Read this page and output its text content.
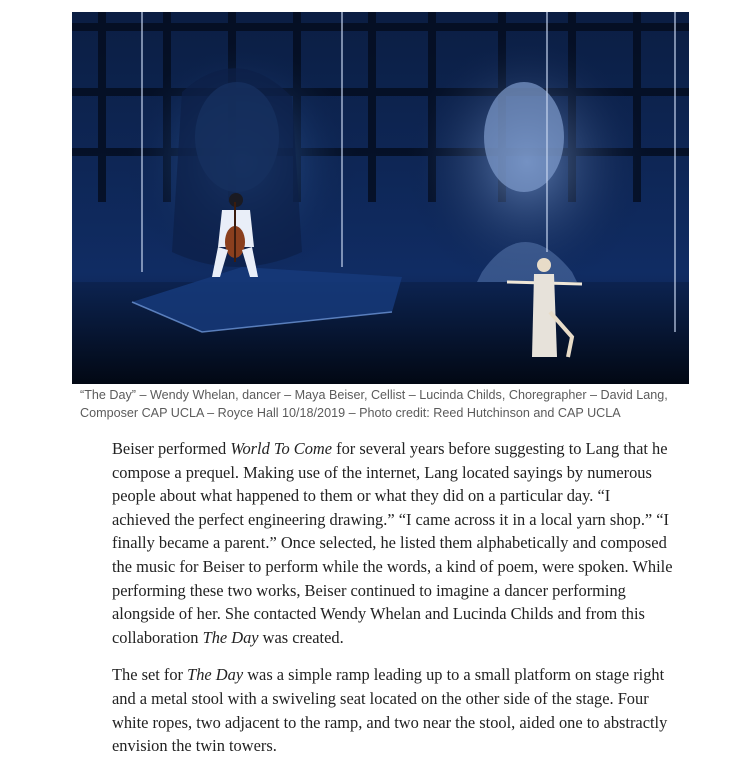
“The Day” – Wendy Whelan, dancer – Maya Beiser, Cellist – Lucinda Childs, Choregrapher – David Lang,
Composer CAP UCLA – Royce Hall 10/18/2019 – Photo credit: Reed Hutchinson and CAP UCLA

Beiser performed World To Come for several years before suggesting to Lang that he
compose a prequel. Making use of the internet, Lang located sayings by numerous
people about what happened to them or what they did on a particular day. “I
achieved the perfect engineering drawing.” “I came across it in a local yarn shop.” “I
finally became a parent.” Once selected, he listed them alphabetically and composed
the music for Beiser to perform while the words, a kind of poem, were spoken. While
performing these two works, Beiser continued to imagine a dancer performing
alongside of her. She contacted Wendy Whelan and Lucinda Childs and from this
collaboration The Day was created.

The set for The Day was a simple ramp leading up to a small platform on stage right
and a metal stool with a swiveling seat located on the other side of the stage. Four
white ropes, two adjacent to the ramp, and two near the stool, aided one to abstractly
envision the twin towers.
